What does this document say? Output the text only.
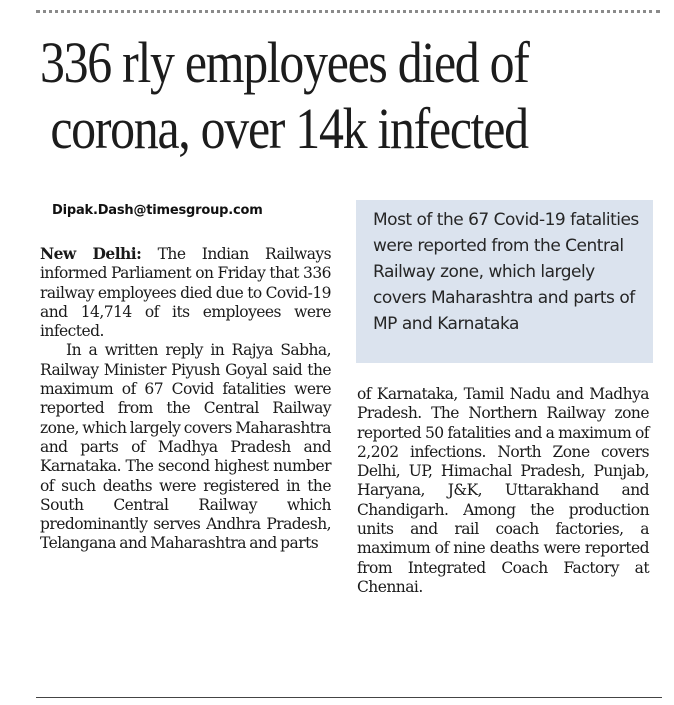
336 rly employees died of
corona, over 14k infected
Dipak.Dash@timesgroup.com

New Delhi: The Indian Railways informed Parliament on Friday that 336 railway employees died due to Covid-19 and 14,714 of its employees were infected.

In a written reply in Rajya Sabha, Railway Minister Piyush Goyal said the maximum of 67 Covid fatalities were reported from the Central Railway zone, which largely covers Maharashtra and parts of Madhya Pradesh and Karnataka. The second highest number of such deaths were registered in the South Central Railway which predominantly serves Andhra Pradesh, Telangana and Maharashtra and parts

Most of the 67 Covid-19 fatalities were reported from the Central Railway zone, which largely covers Maharashtra and parts of MP and Karnataka

of Karnataka, Tamil Nadu and Madhya Pradesh. The Northern Railway zone reported 50 fatalities and a maximum of 2,202 infections. North Zone covers Delhi, UP, Himachal Pradesh, Punjab, Haryana, J&K, Uttarakhand and Chandigarh. Among the production units and rail coach factories, a maximum of nine deaths were reported from Integrated Coach Factory at Chennai.
